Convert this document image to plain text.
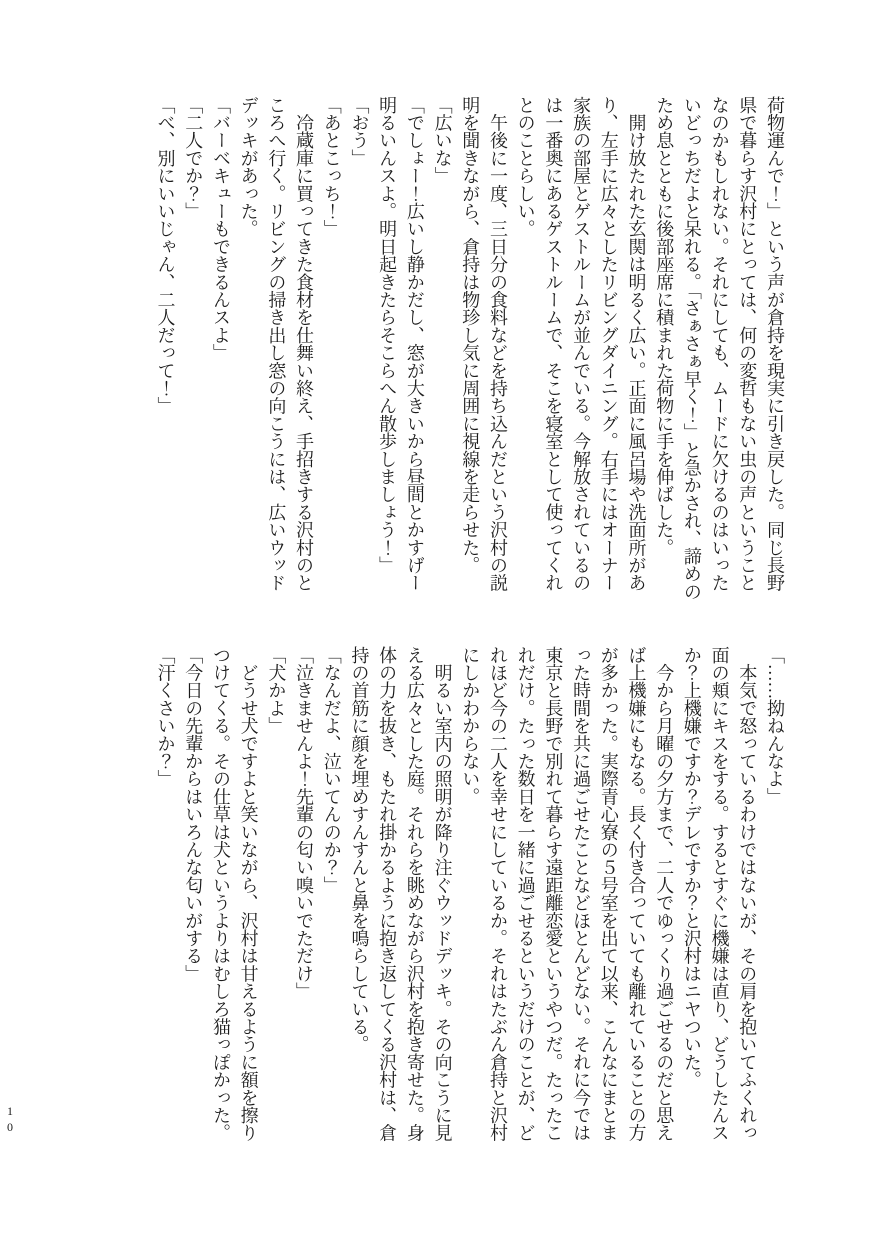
荷物運んで！」という声が倉持を現実に引き戻した。同じ長野

県で暮らす沢村にとっては、何の変哲もない虫の声ということ

なのかもしれない。それにしても、ムードに欠けるのはいった

いどっちだよと呆れる。「さぁさぁ早く！」と急かされ、諦めの

ため息とともに後部座席に積まれた荷物に手を伸ばした。

　開け放たれた玄関は明るく広い。正面に風呂場や洗面所があ

り、左手に広々としたリビングダイニング。右手にはオーナー

家族の部屋とゲストルームが並んでいる。今解放されているの

は一番奥にあるゲストルームで、そこを寝室として使ってくれ

とのことらしい。

　午後に一度、三日分の食料などを持ち込んだという沢村の説

明を聞きながら、倉持は物珍し気に周囲に視線を走らせた。

「広いな」

「でしょー！広いし静かだし、窓が大きいから昼間とかすげー

明るいんスよ。明日起きたらそこらへん散歩しましょう！」

「おう」

「あとこっち！」

　冷蔵庫に買ってきた食材を仕舞い終え、手招きする沢村のと

ころへ行く。リビングの掃き出し窓の向こうには、広いウッド

デッキがあった。

「バーベキューもできるんスよ」

「二人でか？」

「べ、別にいいじゃん、二人だって！」

「……拗ねんなよ」

　本気で怒っているわけではないが、その肩を抱いてふくれっ

面の頬にキスをする。するとすぐに機嫌は直り、どうしたんス

か？上機嫌ですか？デレですか？と沢村はニヤついた。

　今から月曜の夕方まで、二人でゆっくり過ごせるのだと思え

ば上機嫌にもなる。長く付き合っていても離れていることの方

が多かった。実際青心寮の５号室を出て以来、こんなにまとま

った時間を共に過ごせたことなどほとんどない。それに今では

東京と長野で別れて暮らす遠距離恋愛というやつだ。たったこ

れだけ。たった数日を一緒に過ごせるというだけのことが、ど

れほど今の二人を幸せにしているか。それはたぶん倉持と沢村

にしかわからない。

　明るい室内の照明が降り注ぐウッドデッキ。その向こうに見

える広々とした庭。それらを眺めながら沢村を抱き寄せた。身

体の力を抜き、もたれ掛かるように抱き返してくる沢村は、倉

持の首筋に顔を埋めすんすんと鼻を鳴らしている。

「なんだよ、泣いてんのか？」

「泣きませんよ！先輩の匂い嗅いでただけ」

「犬かよ」

　どうせ犬ですよと笑いながら、沢村は甘えるように額を擦り

つけてくる。その仕草は犬というよりはむしろ猫っぽかった。

「今日の先輩からはいろんな匂いがする」

「汗くさいか？」

10
